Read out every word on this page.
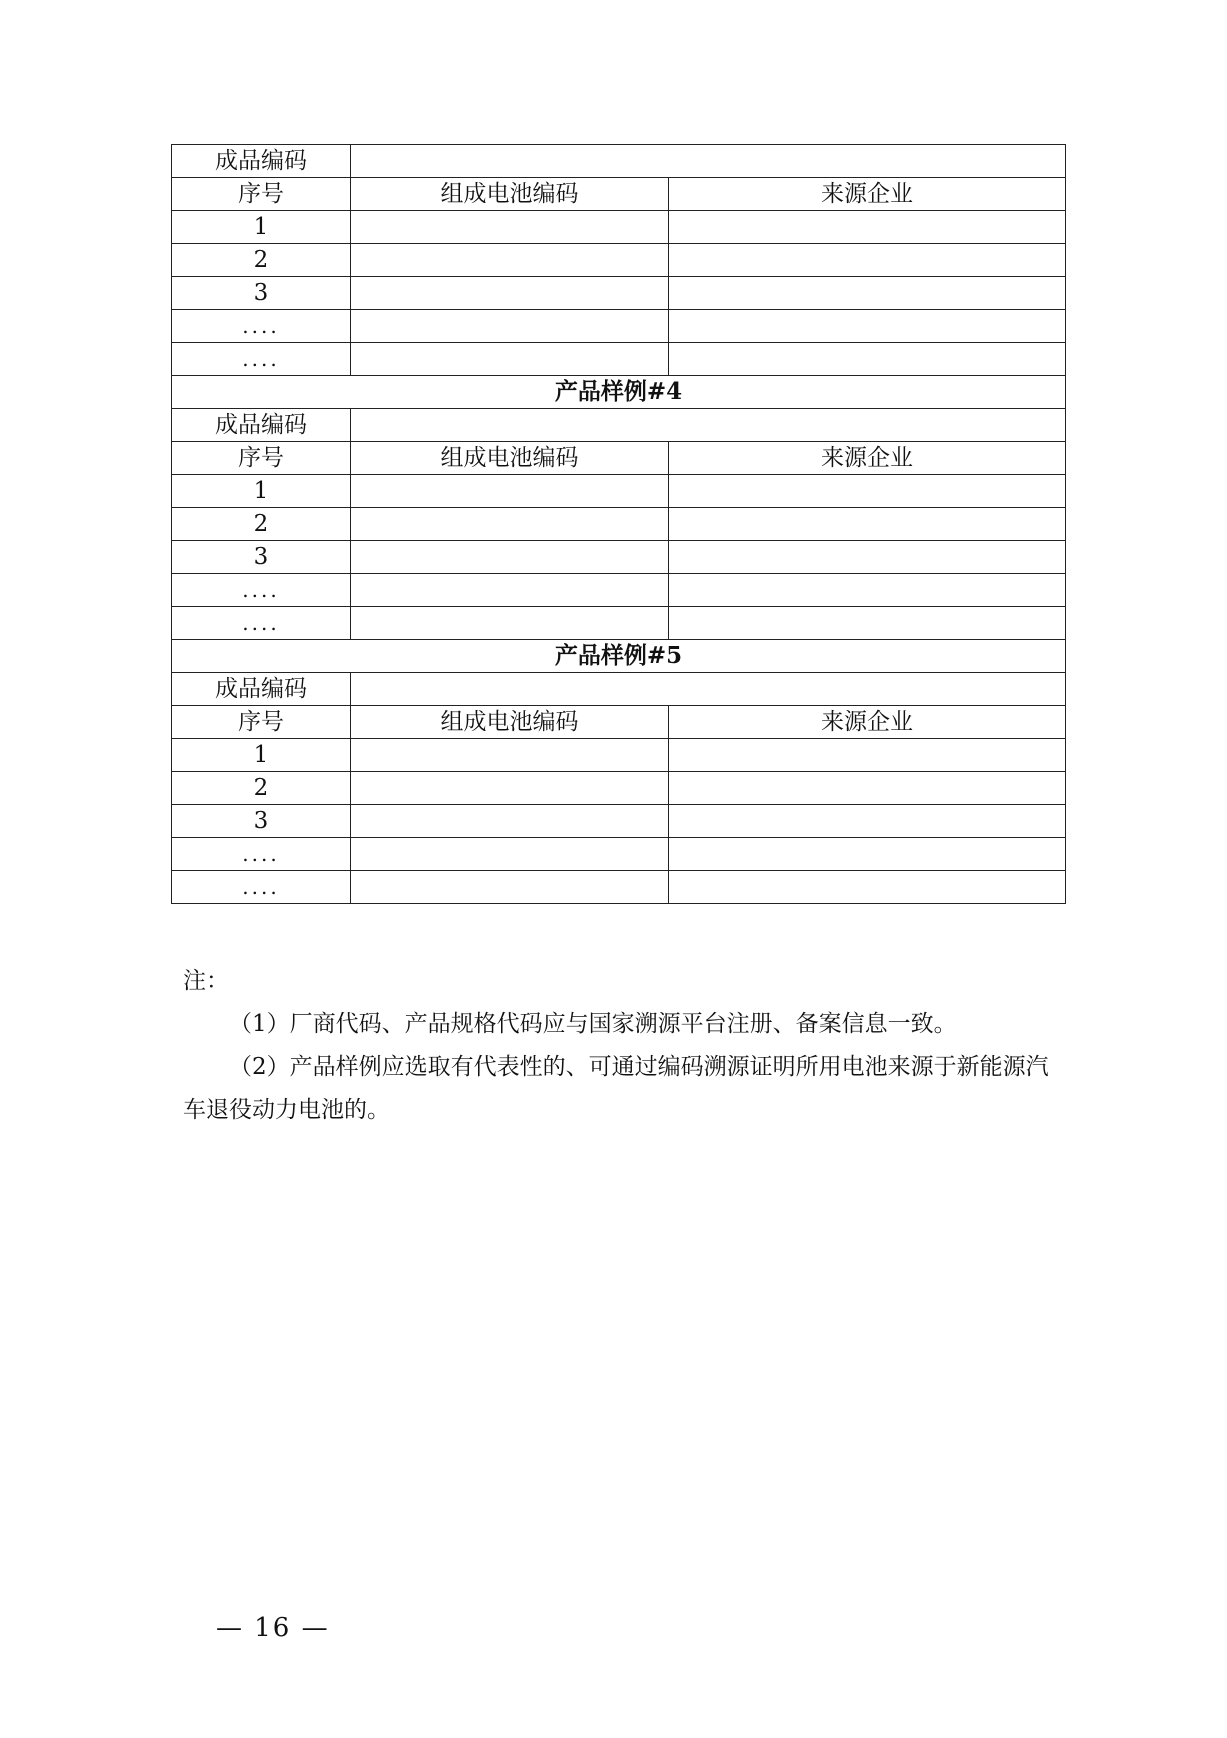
成品编码		
序号	组成电池编码	来源企业
1		
2		
3		
....		
....		
产品样例#4		
成品编码		
序号	组成电池编码	来源企业
1		
2		
3		
....		
....		
产品样例#5		
成品编码		
序号	组成电池编码	来源企业
1		
2		
3		
....		
....		

注：

（1）厂商代码、产品规格代码应与国家溯源平台注册、备案信息一致。

（2）产品样例应选取有代表性的、可通过编码溯源证明所用电池来源于新能源汽车退役动力电池的。

— 16 —
